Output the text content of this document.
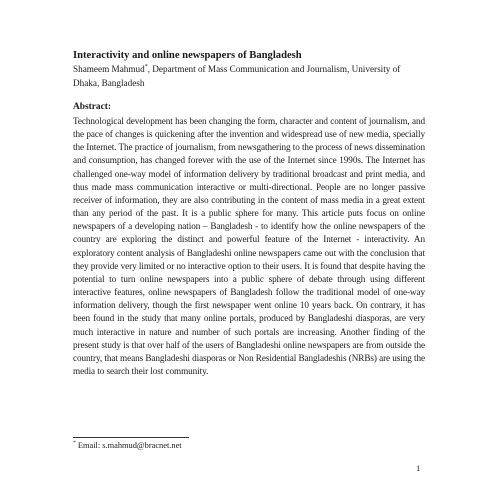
Interactivity and online newspapers of Bangladesh

Shameem Mahmud*, Department of Mass Communication and Journalism, University of Dhaka, Bangladesh

Abstract:

Technological development has been changing the form, character and content of journalism, and the pace of changes is quickening after the invention and widespread use of new media, specially the Internet. The practice of journalism, from newsgathering to the process of news dissemination and consumption, has changed forever with the use of the Internet since 1990s. The Internet has challenged one-way model of information delivery by traditional broadcast and print media, and thus made mass communication interactive or multi-directional. People are no longer passive receiver of information, they are also contributing in the content of mass media in a great extent than any period of the past. It is a public sphere for many. This article puts focus on online newspapers of a developing nation – Bangladesh - to identify how the online newspapers of the country are exploring the distinct and powerful feature of the Internet - interactivity. An exploratory content analysis of Bangladeshi online newspapers came out with the conclusion that they provide very limited or no interactive option to their users. It is found that despite having the potential to turn online newspapers into a public sphere of debate through using different interactive features, online newspapers of Bangladesh follow the traditional model of one-way information delivery, though the first newspaper went online 10 years back. On contrary, it has been found in the study that many online portals, produced by Bangladeshi diasporas, are very much interactive in nature and number of such portals are increasing. Another finding of the present study is that over half of the users of Bangladeshi online newspapers are from outside the country, that means Bangladeshi diasporas or Non Residential Bangladeshis (NRBs) are using the media to search their lost community.

* Email: s.mahmud@bracnet.net
1
